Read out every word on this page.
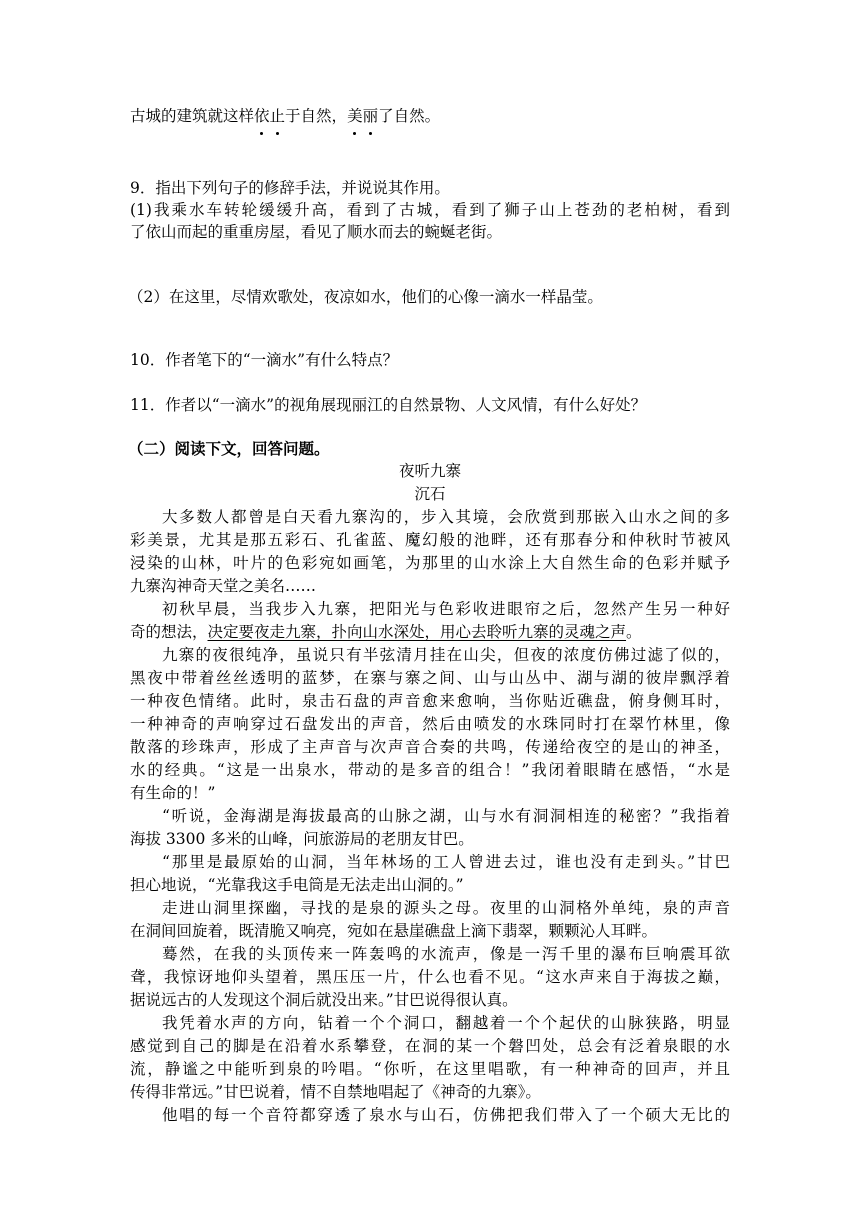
古城的建筑就这样依止于自然，美丽了自然。
9．指出下列句子的修辞手法，并说说其作用。
(1)我乘水车转轮缓缓升高，看到了古城，看到了狮子山上苍劲的老柏树，看到
了依山而起的重重房屋，看见了顺水而去的蜿蜒老街。
（2）在这里，尽情欢歌处，夜凉如水，他们的心像一滴水一样晶莹。
10．作者笔下的“一滴水”有什么特点？
11．作者以“一滴水”的视角展现丽江的自然景物、人文风情，有什么好处？
（二）阅读下文，回答问题。
夜听九寨
沉石
大多数人都曾是白天看九寨沟的，步入其境，会欣赏到那嵌入山水之间的多
彩美景，尤其是那五彩石、孔雀蓝、魔幻般的池畔，还有那春分和仲秋时节被风
浸染的山林，叶片的色彩宛如画笔，为那里的山水涂上大自然生命的色彩并赋予
九寨沟神奇天堂之美名……
初秋早晨，当我步入九寨，把阳光与色彩收进眼帘之后，忽然产生另一种好
奇的想法，决定要夜走九寨，扑向山水深处，用心去聆听九寨的灵魂之声。
九寨的夜很纯净，虽说只有半弦清月挂在山尖，但夜的浓度仿佛过滤了似的，
黑夜中带着丝丝透明的蓝梦，在寨与寨之间、山与山丛中、湖与湖的彼岸飘浮着
一种夜色情绪。此时，泉击石盘的声音愈来愈响，当你贴近礁盘，俯身侧耳时，
一种神奇的声响穿过石盘发出的声音，然后由喷发的水珠同时打在翠竹林里，像
散落的珍珠声，形成了主声音与次声音合奏的共鸣，传递给夜空的是山的神圣，
水的经典。“这是一出泉水，带动的是多音的组合！”我闭着眼睛在感悟，“水是
有生命的！”
“听说，金海湖是海拔最高的山脉之湖，山与水有洞洞相连的秘密？”我指着
海拔 3300 多米的山峰，问旅游局的老朋友甘巴。
“那里是最原始的山洞，当年林场的工人曾进去过，谁也没有走到头。”甘巴
担心地说，“光靠我这手电筒是无法走出山洞的。”
走进山洞里探幽，寻找的是泉的源头之母。夜里的山洞格外单纯，泉的声音
在洞间回旋着，既清脆又响亮，宛如在悬崖礁盘上滴下翡翠，颗颗沁人耳畔。
蓦然，在我的头顶传来一阵轰鸣的水流声，像是一泻千里的瀑布巨响震耳欲
聋，我惊讶地仰头望着，黑压压一片，什么也看不见。“这水声来自于海拔之巅，
据说远古的人发现这个洞后就没出来。”甘巴说得很认真。
我凭着水声的方向，钻着一个个洞口，翻越着一个个起伏的山脉狭路，明显
感觉到自己的脚是在沿着水系攀登，在洞的某一个磐凹处，总会有泛着泉眼的水
流，静谧之中能听到泉的吟唱。“你听，在这里唱歌，有一种神奇的回声，并且
传得非常远。”甘巴说着，情不自禁地唱起了《神奇的九寨》。
他唱的每一个音符都穿透了泉水与山石，仿佛把我们带入了一个硕大无比的
